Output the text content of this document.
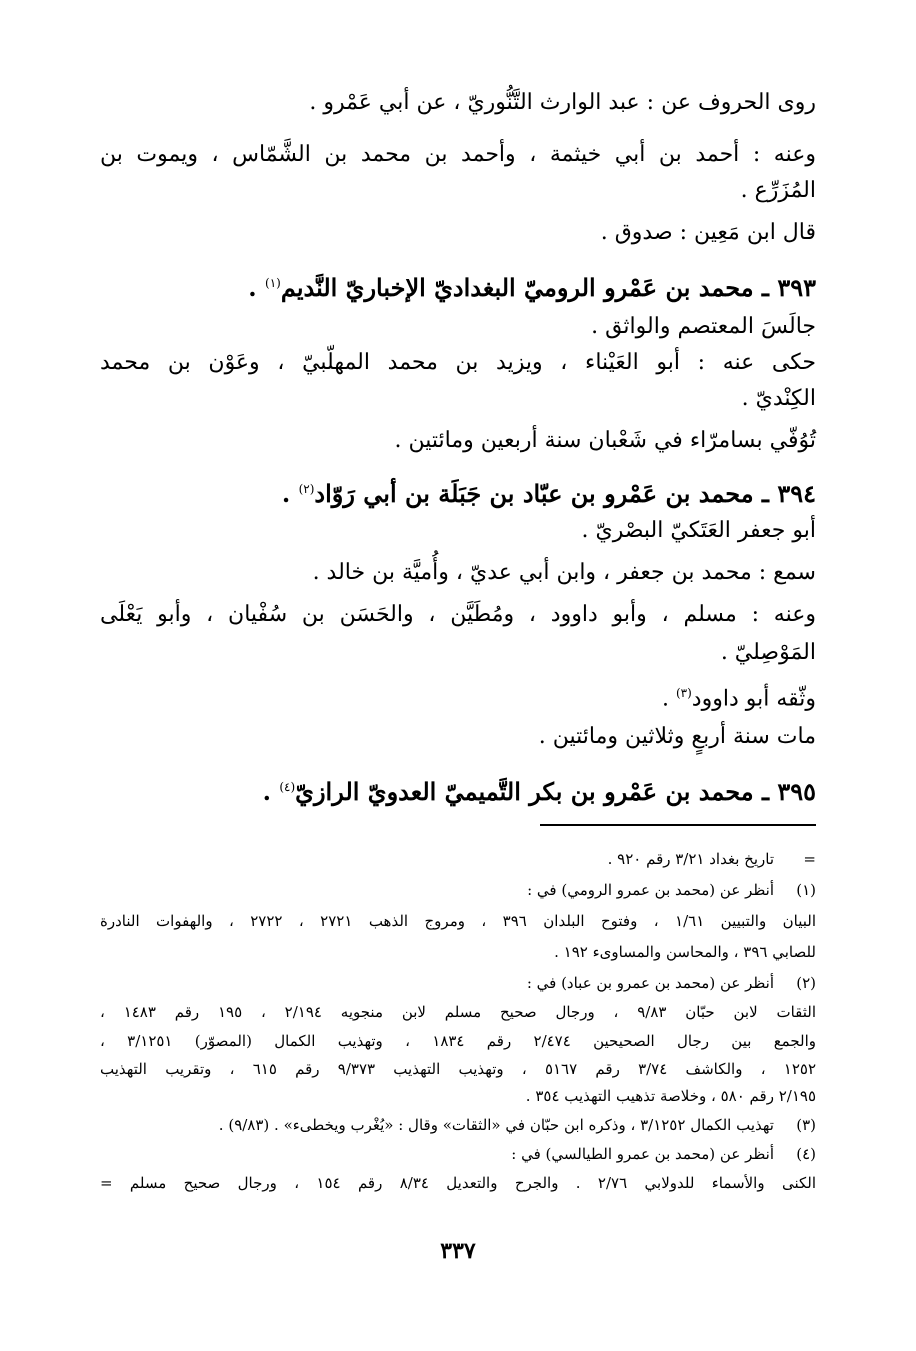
روى الحروف عن : عبد الوارث التَّنُّوريّ ، عن أبي عَمْرو .
وعنه : أحمد بن أبي خيثمة ، وأحمد بن محمد بن الشَّمّاس ، ويموت بن
المُزَرِّع .
قال ابن مَعِين : صدوق .
٣٩٣ ـ محمد بن عَمْرو الروميّ البغداديّ الإخباريّ النَّديم$^{(١)}$ .
جالَسَ المعتصم والواثق .
حكى عنه : أبو العَيْناء ، ويزيد بن محمد المهلّبيّ ، وعَوْن بن محمد
الكِنْديّ .
تُوُفّي بسامرّاء في شَعْبان سنة أربعين ومائتين .
٣٩٤ ـ محمد بن عَمْرو بن عبّاد بن جَبَلَة بن أبي رَوّاد$^{(٢)}$ .
أبو جعفر العَتَكيّ البصْريّ .
سمع : محمد بن جعفر ، وابن أبي عديّ ، وأُميَّة بن خالد .
وعنه : مسلم ، وأبو داوود ، ومُطَيَّن ، والحَسَن بن سُفْيان ، وأبو يَعْلَى
المَوْصِليّ .
وثّقه أبو داوود$^{(٣)}$ .
مات سنة أربعٍ وثلاثين ومائتين .
٣٩٥ ـ محمد بن عَمْرو بن بكر التَّميميّ العدويّ الرازيّ$^{(٤)}$ .
=
تاريخ بغداد ٣/٢١ رقم ٩٢٠ .
(١)
أنظر عن (محمد بن عمرو الرومي) في :
البيان والتبيين ١/٦١ ، وفتوح البلدان ٣٩٦ ، ومروج الذهب ٢٧٢١ ، ٢٧٢٢ ، والهفوات النادرة
للصابي ٣٩٦ ، والمحاسن والمساوىء ١٩٢ .
(٢)
أنظر عن (محمد بن عمرو بن عباد) في :
الثقات لابن حبّان ٩/٨٣ ، ورجال صحيح مسلم لابن منجويه ٢/١٩٤ ، ١٩٥ رقم ١٤٨٣ ،
والجمع بين رجال الصحيحين ٢/٤٧٤ رقم ١٨٣٤ ، وتهذيب الكمال (المصوّر) ٣/١٢٥١ ،
١٢٥٢ ، والكاشف ٣/٧٤ رقم ٥١٦٧ ، وتهذيب التهذيب ٩/٣٧٣ رقم ٦١٥ ، وتقريب التهذيب
٢/١٩٥ رقم ٥٨٠ ، وخلاصة تذهيب التهذيب ٣٥٤ .
(٣)
تهذيب الكمال ٣/١٢٥٢ ، وذكره ابن حبّان في «الثقات» وقال : «يُغْرب ويخطىء» . (٩/٨٣) .
(٤)
أنظر عن (محمد بن عمرو الطيالسي) في :
الكنى والأسماء للدولابي ٢/٧٦ . والجرح والتعديل ٨/٣٤ رقم ١٥٤ ، ورجال صحيح مسلم =
٣٣٧
